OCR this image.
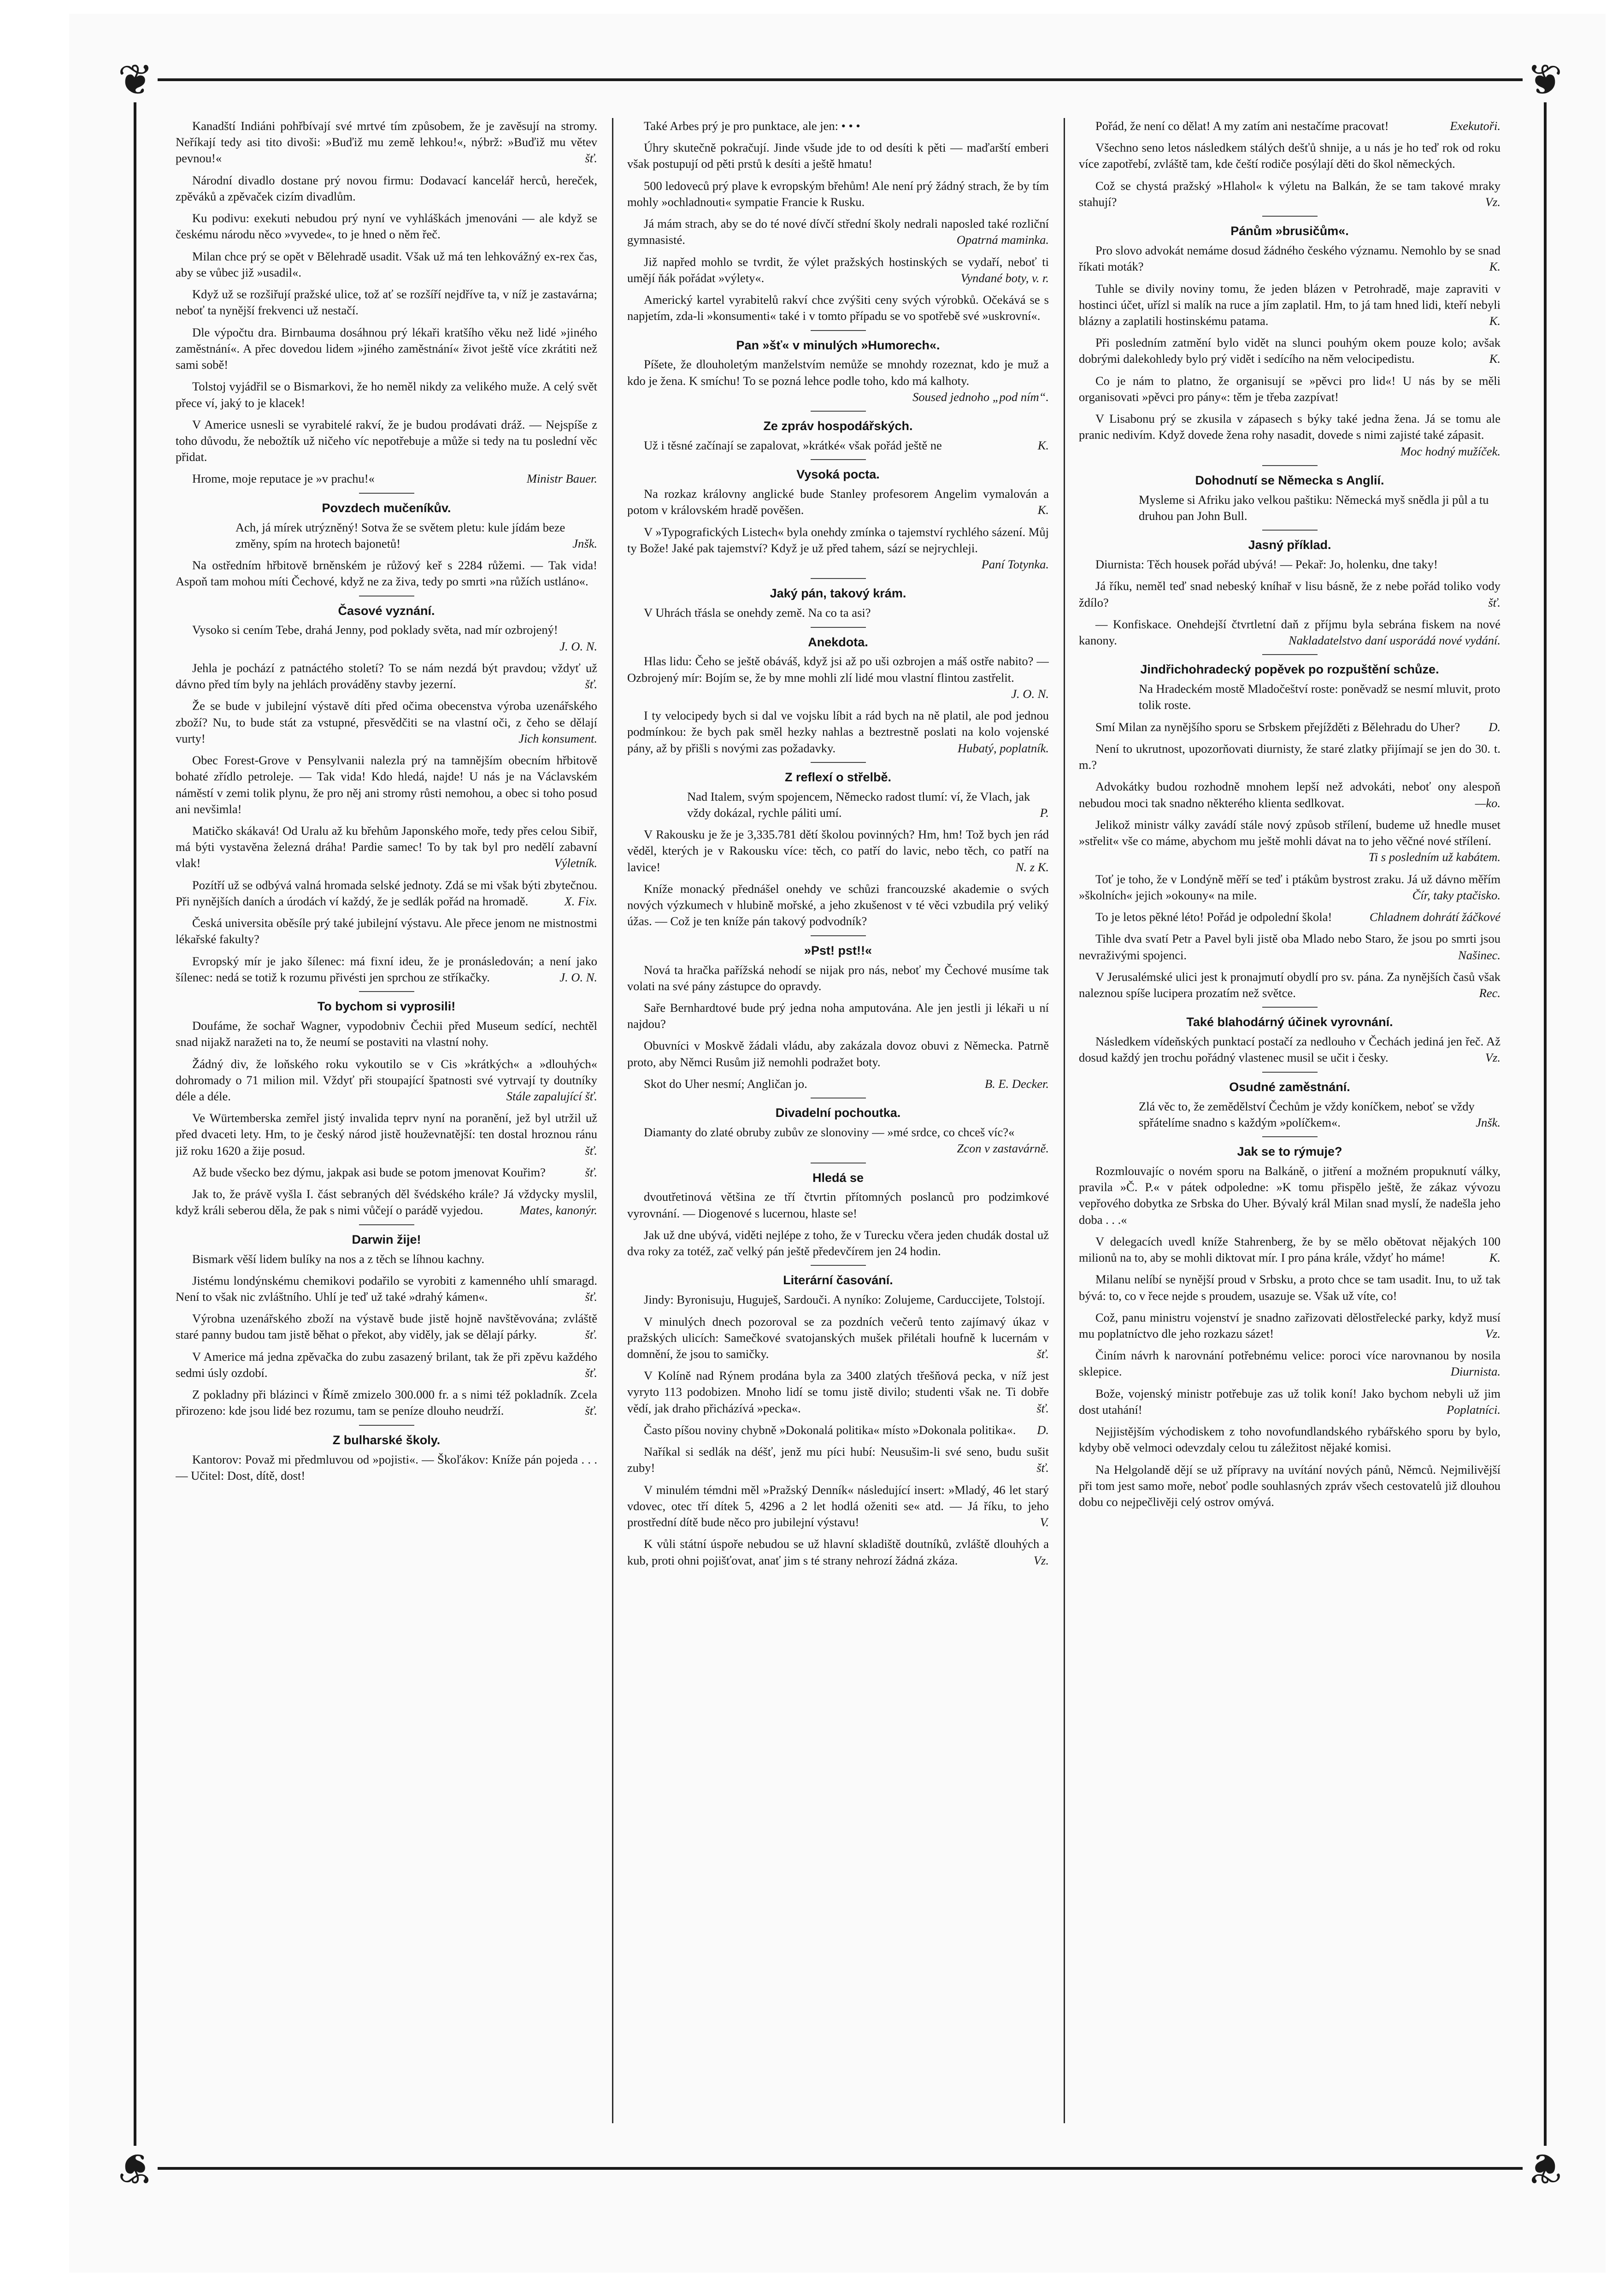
❦	❦
❦	❦
Kanadští Indiáni pohřbívají své mrtvé tím způsobem, že je zavěsují na stromy. Neříkají tedy asi tito divoši: »Buďiž mu země lehkou!«, nýbrž: »Buďiž mu větev pevnou!«	šť.
Národní divadlo dostane prý novou firmu: Dodavací kancelář herců, hereček, zpěváků a zpěvaček cizím divadlům.
Ku podivu: exekuti nebudou prý nyní ve vyhláškách jmenováni — ale když se českému národu něco »vyvede«, to je hned o něm řeč.
Milan chce prý se opět v Bělehradě usadit. Však už má ten lehkovážný ex-rex čas, aby se vůbec již »usadil«.
Když už se rozšiřují pražské ulice, tož ať se rozšíří nejdříve ta, v níž je zastavárna; neboť ta nynější frekvenci už nestačí.
Dle výpočtu dra. Birnbauma dosáhnou prý lékaři kratšího věku než lidé »jiného zaměstnání«. A přec dovedou lidem »jiného zaměstnání« život ještě více zkrátiti než sami sobě!
Tolstoj vyjádřil se o Bismarkovi, že ho neměl nikdy za velikého muže. A celý svět přece ví, jaký to je klacek!
V Americe usnesli se vyrabitelé rakví, že je budou prodávati dráž. — Nejspíše z toho důvodu, že nebožtík už ničeho víc nepotřebuje a může si tedy na tu poslední věc přidat.
Hrome, moje reputace je »v prachu!«	Ministr Bauer.
Povzdech mučeníkův.
Ach, já mírek utrýzněný! Sotva že se světem pletu: kule jídám beze změny, spím na hrotech bajonetů!	Jnšk.
Na ostředním hřbitově brněnském je růžový keř s 2284 růžemi. — Tak vida! Aspoň tam mohou míti Čechové, když ne za živa, tedy po smrti »na růžích ustláno«.
Časové vyznání.
Vysoko si cením Tebe, drahá Jenny, pod poklady světa, nad mír ozbrojený!
J. O. N.
Jehla je pochází z patnáctého století? To se nám nezdá být pravdou; vždyť už dávno před tím byly na jehlách prováděny stavby jezerní.	šť.
Že se bude v jubilejní výstavě díti před očima obecenstva výroba uzenářského zboží? Nu, to bude stát za vstupné, přesvědčiti se na vlastní oči, z čeho se dělají vurty!	Jich konsument.
Obec Forest-Grove v Pensylvanii nalezla prý na tamnějším obecním hřbitově bohaté zřídlo petroleje. — Tak vida! Kdo hledá, najde! U nás je na Václavském náměstí v zemi tolik plynu, že pro něj ani stromy růsti nemohou, a obec si toho posud ani nevšimla!
Matičko skákavá! Od Uralu až ku břehům Japonského moře, tedy přes celou Sibiř, má býti vystavěna železná dráha! Pardie samec! To by tak byl pro nedělí zabavní vlak!	Výletník.
Pozítří už se odbývá valná hromada selské jednoty. Zdá se mi však býti zbytečnou. Při nynějších daních a úrodách ví každý, že je sedlák pořád na hromadě.	X. Fix.
Česká universita oběsíle prý také jubilejní výstavu. Ale přece jenom ne mistnostmi lékařské fakulty?
Evropský mír je jako šílenec: má fixní ideu, že je pronásledován; a není jako šílenec: nedá se totiž k rozumu přivésti jen sprchou ze stříkačky.	J. O. N.
To bychom si vyprosili!
Doufáme, že sochař Wagner, vypodobniv Čechii před Museum sedící, nechtěl snad nijakž naražeti na to, že neumí se postaviti na vlastní nohy.
Žádný div, že loňského roku vykoutilo se v Cis »krátkých« a »dlouhých« dohromady o 71 milion mil. Vždyť při stoupající špatnosti své vytrvají ty doutníky déle a déle.	Stále zapalující šť.
Ve Würtemberska zemřel jistý invalida teprv nyní na poranění, jež byl utržil už před dvaceti lety. Hm, to je český národ jistě houževnatější: ten dostal hroznou ránu již roku 1620 a žije posud.	šť.
Až bude všecko bez dýmu, jakpak asi bude se potom jmenovat Kouřim?	šť.
Jak to, že právě vyšla I. část sebraných děl švédského krále? Já vždycky myslil, když králi seberou děla, že pak s nimi vůčejí o parádě vyjedou.	Mates, kanonýr.
Darwin žije!
Bismark věší lidem bulíky na nos a z těch se líhnou kachny.
Jistému londýnskému chemikovi podařilo se vyrobiti z kamenného uhlí smaragd. Není to však nic zvláštního. Uhlí je teď už také »drahý kámen«.	šť.
Výrobna uzenářského zboží na výstavě bude jistě hojně navštěvována; zvláště staré panny budou tam jistě běhat o překot, aby viděly, jak se dělají párky.	šť.
V Americe má jedna zpěvačka do zubu zasazený brilant, tak že při zpěvu každého sedmi úsly ozdobí.	šť.
Z pokladny při blázinci v Římě zmizelo 300.000 fr. a s nimi též pokladník. Zcela přirozeno: kde jsou lidé bez rozumu, tam se peníze dlouho neudrží.	šť.
Z bulharské školy.
Kantorov: Považ mi předmluvou od »pojisti«. — Škoľákov: Kníže pán pojeda . . . — Učitel: Dost, dítě, dost!
Také Arbes prý je pro punktace, ale jen: • • •
Úhry skutečně pokračují. Jinde všude jde to od desíti k pěti — maďarští emberi však postupují od pěti prstů k desíti a ještě hmatu!
500 ledoveců prý plave k evropským břehům! Ale není prý žádný strach, že by tím mohly »ochladnouti« sympatie Francie k Rusku.
Já mám strach, aby se do té nové dívčí střední školy nedrali naposled také rozliční gymnasisté.	Opatrná maminka.
Již napřed mohlo se tvrdit, že výlet pražských hostinských se vydaří, neboť ti umějí ňák pořádat »výlety«.	Vyndané boty, v. r.
Americký kartel vyrabitelů rakví chce zvýšiti ceny svých výrobků. Očekává se s napjetím, zda-li »konsumenti« také i v tomto případu se vo spotřebě své »uskrovní«.
Pan »šť« v minulých »Humorech«.
Píšete, že dlouholetým manželstvím nemůže se mnohdy rozeznat, kdo je muž a kdo je žena. K smíchu! To se pozná lehce podle toho, kdo má kalhoty.
Soused jednoho „pod ním“.
Ze zpráv hospodářských.
Už i těsné začínají se zapalovat, »krátké« však pořád ještě ne	K.
Vysoká pocta.
Na rozkaz královny anglické bude Stanley profesorem Angelim vymalován a potom v královském hradě pověšen.	K.
V »Typografických Listech« byla onehdy zmínka o tajemství rychlého sázení. Můj ty Bože! Jaké pak tajemství? Když je už před tahem, sází se nejrychleji.
Paní Totynka.
Jaký pán, takový krám.
V Uhrách třásla se onehdy země. Na co ta asi?
Anekdota.
Hlas lidu: Čeho se ještě obáváš, když jsi až po uši ozbrojen a máš ostře nabito? — Ozbrojený mír: Bojím se, že by mne mohli zlí lidé mou vlastní flintou zastřelit.
J. O. N.
I ty velocipedy bych si dal ve vojsku líbit a rád bych na ně platil, ale pod jednou podmínkou: že bych pak směl hezky nahlas a beztrestně poslati na kolo vojenské pány, až by přišli s novými zas požadavky.	Hubatý, poplatník.
Z reflexí o střelbě.
Nad Italem, svým spojencem, Německo radost tlumí: ví, že Vlach, jak vždy dokázal, rychle páliti umí.	P.
V Rakousku je že je 3,335.781 dětí školou povinných? Hm, hm! Tož bych jen rád věděl, kterých je v Rakousku více: těch, co patří do lavic, nebo těch, co patří na lavice!	N. z K.
Kníže monacký přednášel onehdy ve schůzi francouzské akademie o svých nových výzkumech v hlubině mořské, a jeho zkušenost v té věci vzbudila prý veliký úžas. — Což je ten kníže pán takový podvodník?
»Pst! pst!!«
Nová ta hračka pařížská nehodí se nijak pro nás, neboť my Čechové musíme tak volati na své pány zástupce do opravdy.
Saře Bernhardtové bude prý jedna noha amputována. Ale jen jestli ji lékaři u ní najdou?
Obuvníci v Moskvě žádali vládu, aby zakázala dovoz obuvi z Německa. Patrně proto, aby Němci Rusům již nemohli podražet boty.
Skot do Uher nesmí; Angličan jo.	B. E. Decker.
Divadelní pochoutka.
Diamanty do zlaté obruby zubův ze slonoviny — »mé srdce, co chceš víc?«
Zcon v zastavárně.
Hledá se
dvoutřetinová většina ze tří čtvrtin přítomných poslanců pro podzimkové vyrovnání. — Diogenové s lucernou, hlaste se!
Jak už dne ubývá, viděti nejlépe z toho, že v Turecku včera jeden chudák dostal už dva roky za totéž, zač velký pán ještě předevčírem jen 24 hodin.
Literární časování.
Jindy: Byronisuju, Huguješ, Sardouči. A nyníko: Zolujeme, Carduccijete, Tolstojí.
V minulých dnech pozoroval se za pozdních večerů tento zajímavý úkaz v pražských ulicích: Samečkové svatojanských mušek přilétali houfně k lucernám v domnění, že jsou to samičky.	šť.
V Kolíně nad Rýnem prodána byla za 3400 zlatých třešňová pecka, v níž jest vyryto 113 podobizen. Mnoho lidí se tomu jistě divilo; studenti však ne. Ti dobře vědí, jak draho přicházívá »pecka«.	šť.
Často píšou noviny chybně »Dokonalá politika« místo »Dokonala politika«.	D.
Naříkal si sedlák na déšť, jenž mu píci hubí: Neusušim-li své seno, budu sušit zuby!	šť.
V minulém témdni měl »Pražský Denník« následující insert: »Mladý, 46 let starý vdovec, otec tří dítek 5, 4296 a 2 let hodlá oženiti se« atd. — Já říku, to jeho prostřední dítě bude něco pro jubilejní výstavu!	V.
K vůli státní úspoře nebudou se už hlavní skladiště doutníků, zvláště dlouhých a kub, proti ohni pojišťovat, anať jim s té strany nehrozí žádná zkáza.	Vz.
Pořád, že není co dělat! A my zatím ani nestačíme pracovat!	Exekutoři.
Všechno seno letos následkem stálých dešťů shnije, a u nás je ho teď rok od roku více zapotřebí, zvláště tam, kde čeští rodiče posýlají děti do škol německých.
Což se chystá pražský »Hlahol« k výletu na Balkán, že se tam takové mraky stahují?	Vz.
Pánům »brusičům«.
Pro slovo advokát nemáme dosud žádného českého významu. Nemohlo by se snad říkati moták?	K.
Tuhle se divily noviny tomu, že jeden blázen v Petrohradě, maje zapraviti v hostinci účet, uřízl si malík na ruce a jím zaplatil. Hm, to já tam hned lidi, kteří nebyli blázny a zaplatili hostinskému patama.	K.
Při posledním zatmění bylo vidět na slunci pouhým okem pouze kolo; avšak dobrými dalekohledy bylo prý vidět i sedícího na něm velocipedistu.	K.
Co je nám to platno, že organisují se »pěvci pro lid«! U nás by se měli organisovati »pěvci pro pány«: těm je třeba zazpívat!
V Lisabonu prý se zkusila v zápasech s býky také jedna žena. Já se tomu ale pranic nedivím. Když dovede žena rohy nasadit, dovede s nimi zajisté také zápasit.
Moc hodný mužíček.
Dohodnutí se Německa s Anglií.
Mysleme si Afriku jako velkou paštiku: Německá myš snědla ji půl a tu druhou pan John Bull.
Jasný příklad.
Diurnista: Těch housek pořád ubývá! — Pekař: Jo, holenku, dne taky!
Já říku, neměl teď snad nebeský kníhař v lisu básně, že z nebe pořád toliko vody ždílo?	šť.
— Konfiskace. Onehdejší čtvrtletní daň z příjmu byla sebrána fiskem na nové kanony.	Nakladatelstvo daní usporádá nové vydání.
Jindřichohradecký popěvek po rozpuštění schůze.
Na Hradeckém mostě Mladočeštví roste: poněvadž se nesmí mluvit, proto tolik roste.
Smí Milan za nynějšího sporu se Srbskem přejížděti z Bělehradu do Uher?	D.
Není to ukrutnost, upozorňovati diurnisty, že staré zlatky přijímají se jen do 30. t. m.?
Advokátky budou rozhodně mnohem lepší než advokáti, neboť ony alespoň nebudou moci tak snadno některého klienta sedlkovat.	—ko.
Jelikož ministr války zavádí stále nový způsob střílení, budeme už hnedle muset »střelit« vše co máme, abychom mu ještě mohli dávat na to jeho věčné nové střílení.
Ti s posledním už kabátem.
Toť je toho, že v Londýně měří se teď i ptákům bystrost zraku. Já už dávno měřím »školních« jejich »okouny« na mile.	Čír, taky ptačisko.
To je letos pěkné léto! Pořád je odpolední škola!	Chladnem dohrátí žáčkové
Tihle dva svatí Petr a Pavel byli jistě oba Mlado nebo Staro, že jsou po smrti jsou nevraživými spojenci.	Našinec.
V Jerusalémské ulici jest k pronajmutí obydlí pro sv. pána. Za nynějších časů však naleznou spíše lucipera prozatím než světce.	Rec.
Také blahodárný účinek vyrovnání.
Následkem vídeňských punktací postačí za nedlouho v Čechách jediná jen řeč. Až dosud každý jen trochu pořádný vlastenec musil se učit i česky.	Vz.
Osudné zaměstnání.
Zlá věc to, že zemědělství Čechům je vždy koníčkem, neboť se vždy spřátelíme snadno s každým »políčkem«.	Jnšk.
Jak se to rýmuje?
Rozmlouvajíc o novém sporu na Balkáně, o jitření a možném propuknutí války, pravila »Č. P.« v pátek odpoledne: »K tomu přispělo ještě, že zákaz vývozu vepřového dobytka ze Srbska do Uher. Bývalý král Milan snad myslí, že nadešla jeho doba . . .«
V delegacích uvedl kníže Stahrenberg, že by se mělo obětovat nějakých 100 milionů na to, aby se mohli diktovat mír. I pro pána krále, vždyť ho máme!	K.
Milanu nelíbí se nynější proud v Srbsku, a proto chce se tam usadit. Inu, to už tak bývá: to, co v řece nejde s proudem, usazuje se. Však už víte, co!
Což, panu ministru vojenství je snadno zařizovati dělostřelecké parky, když musí mu poplatníctvo dle jeho rozkazu sázet!	Vz.
Činím návrh k narovnání potřebnému velice: poroci více narovnanou by nosila sklepice.	Diurnista.
Bože, vojenský ministr potřebuje zas už tolik koní! Jako bychom nebyli už jim dost utahání!	Poplatníci.
Nejjistějším východiskem z toho novofundlandského rybářského sporu by bylo, kdyby obě velmoci odevzdaly celou tu záležitost nějaké komisi.
Na Helgolandě dějí se už přípravy na uvítání nových pánů, Němců. Nejmilivější při tom jest samo moře, neboť podle souhlasných zpráv všech cestovatelů již dlouhou dobu co nejpečlivěji celý ostrov omývá.
